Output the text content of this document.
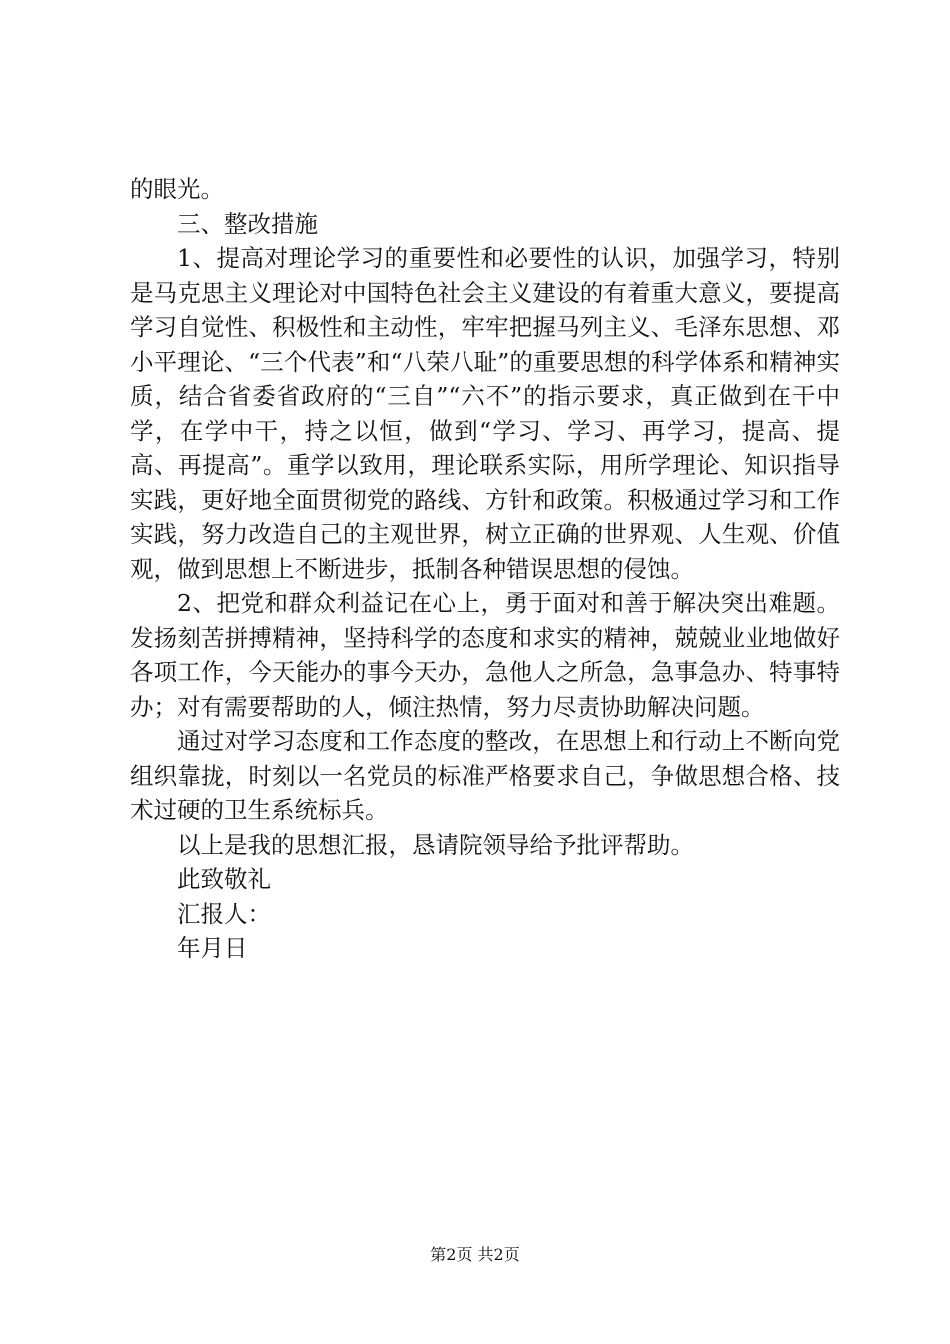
的眼光。

三、整改措施

1、提高对理论学习的重要性和必要性的认识，加强学习，特别是马克思主义理论对中国特色社会主义建设的有着重大意义，要提高学习自觉性、积极性和主动性，牢牢把握马列主义、毛泽东思想、邓小平理论、“三个代表”和“八荣八耻”的重要思想的科学体系和精神实质，结合省委省政府的“三自”“六不”的指示要求，真正做到在干中学，在学中干，持之以恒，做到“学习、学习、再学习，提高、提高、再提高”。重学以致用，理论联系实际，用所学理论、知识指导实践，更好地全面贯彻党的路线、方针和政策。积极通过学习和工作实践，努力改造自己的主观世界，树立正确的世界观、人生观、价值观，做到思想上不断进步，抵制各种错误思想的侵蚀。

2、把党和群众利益记在心上，勇于面对和善于解决突出难题。发扬刻苦拼搏精神，坚持科学的态度和求实的精神，兢兢业业地做好各项工作，今天能办的事今天办，急他人之所急，急事急办、特事特办；对有需要帮助的人，倾注热情，努力尽责协助解决问题。

通过对学习态度和工作态度的整改，在思想上和行动上不断向党组织靠拢，时刻以一名党员的标准严格要求自己，争做思想合格、技术过硬的卫生系统标兵。

以上是我的思想汇报，恳请院领导给予批评帮助。

此致敬礼

汇报人：

年月日

第2页 共2页
